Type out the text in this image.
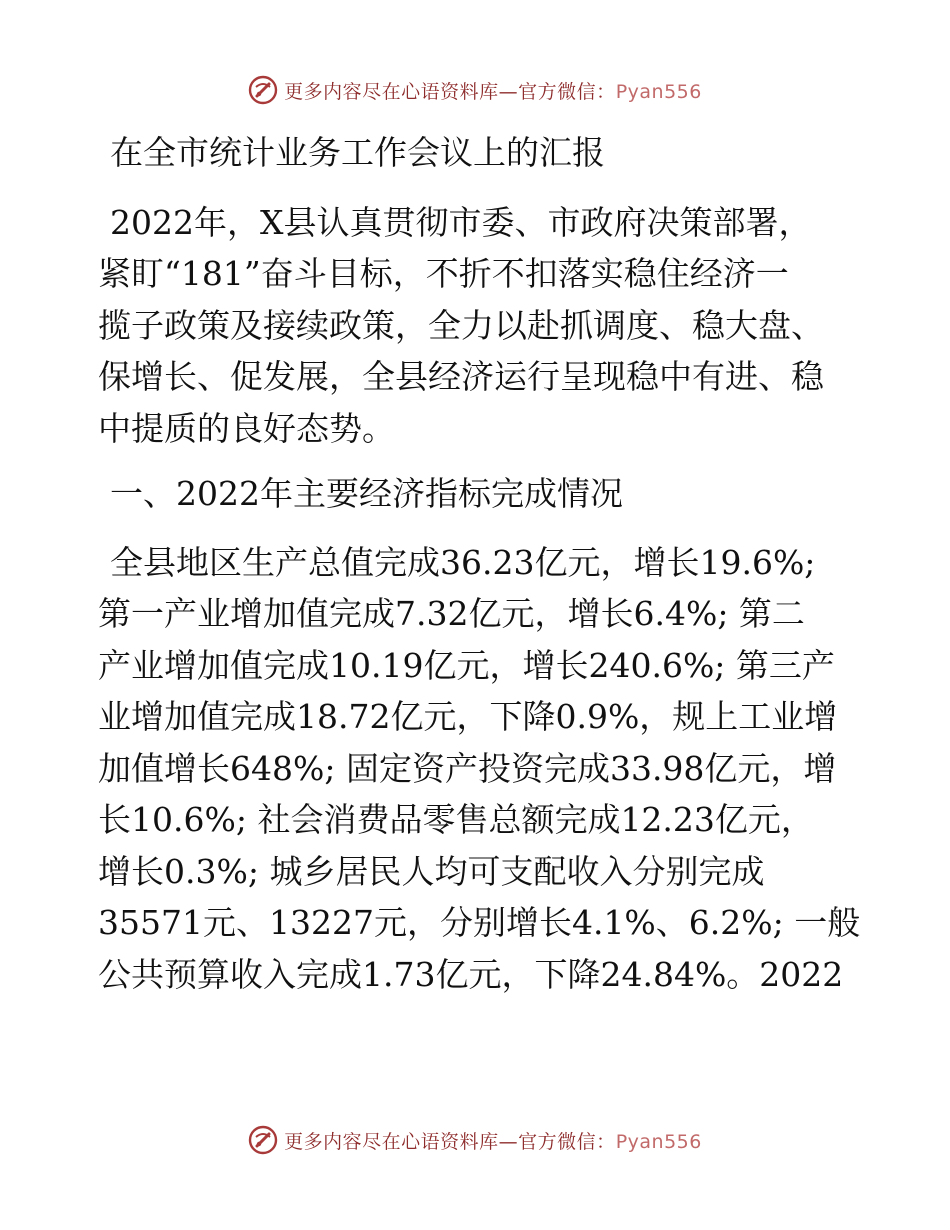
更多内容尽在心语资料库—官方微信：Pyan556

在全市统计业务工作会议上的汇报

2022年，X县认真贯彻市委、市政府决策部署，
紧盯“181”奋斗目标，不折不扣落实稳住经济一
揽子政策及接续政策，全力以赴抓调度、稳大盘、
保增长、促发展，全县经济运行呈现稳中有进、稳
中提质的良好态势。

一、2022年主要经济指标完成情况

全县地区生产总值完成36.23亿元，增长19.6%;
第一产业增加值完成7.32亿元，增长6.4%; 第二
产业增加值完成10.19亿元，增长240.6%; 第三产
业增加值完成18.72亿元，下降0.9%，规上工业增
加值增长648%; 固定资产投资完成33.98亿元，增
长10.6%; 社会消费品零售总额完成12.23亿元，
增长0.3%; 城乡居民人均可支配收入分别完成
35571元、13227元，分别增长4.1%、6.2%; 一般
公共预算收入完成1.73亿元，下降24.84%。2022

更多内容尽在心语资料库—官方微信：Pyan556
